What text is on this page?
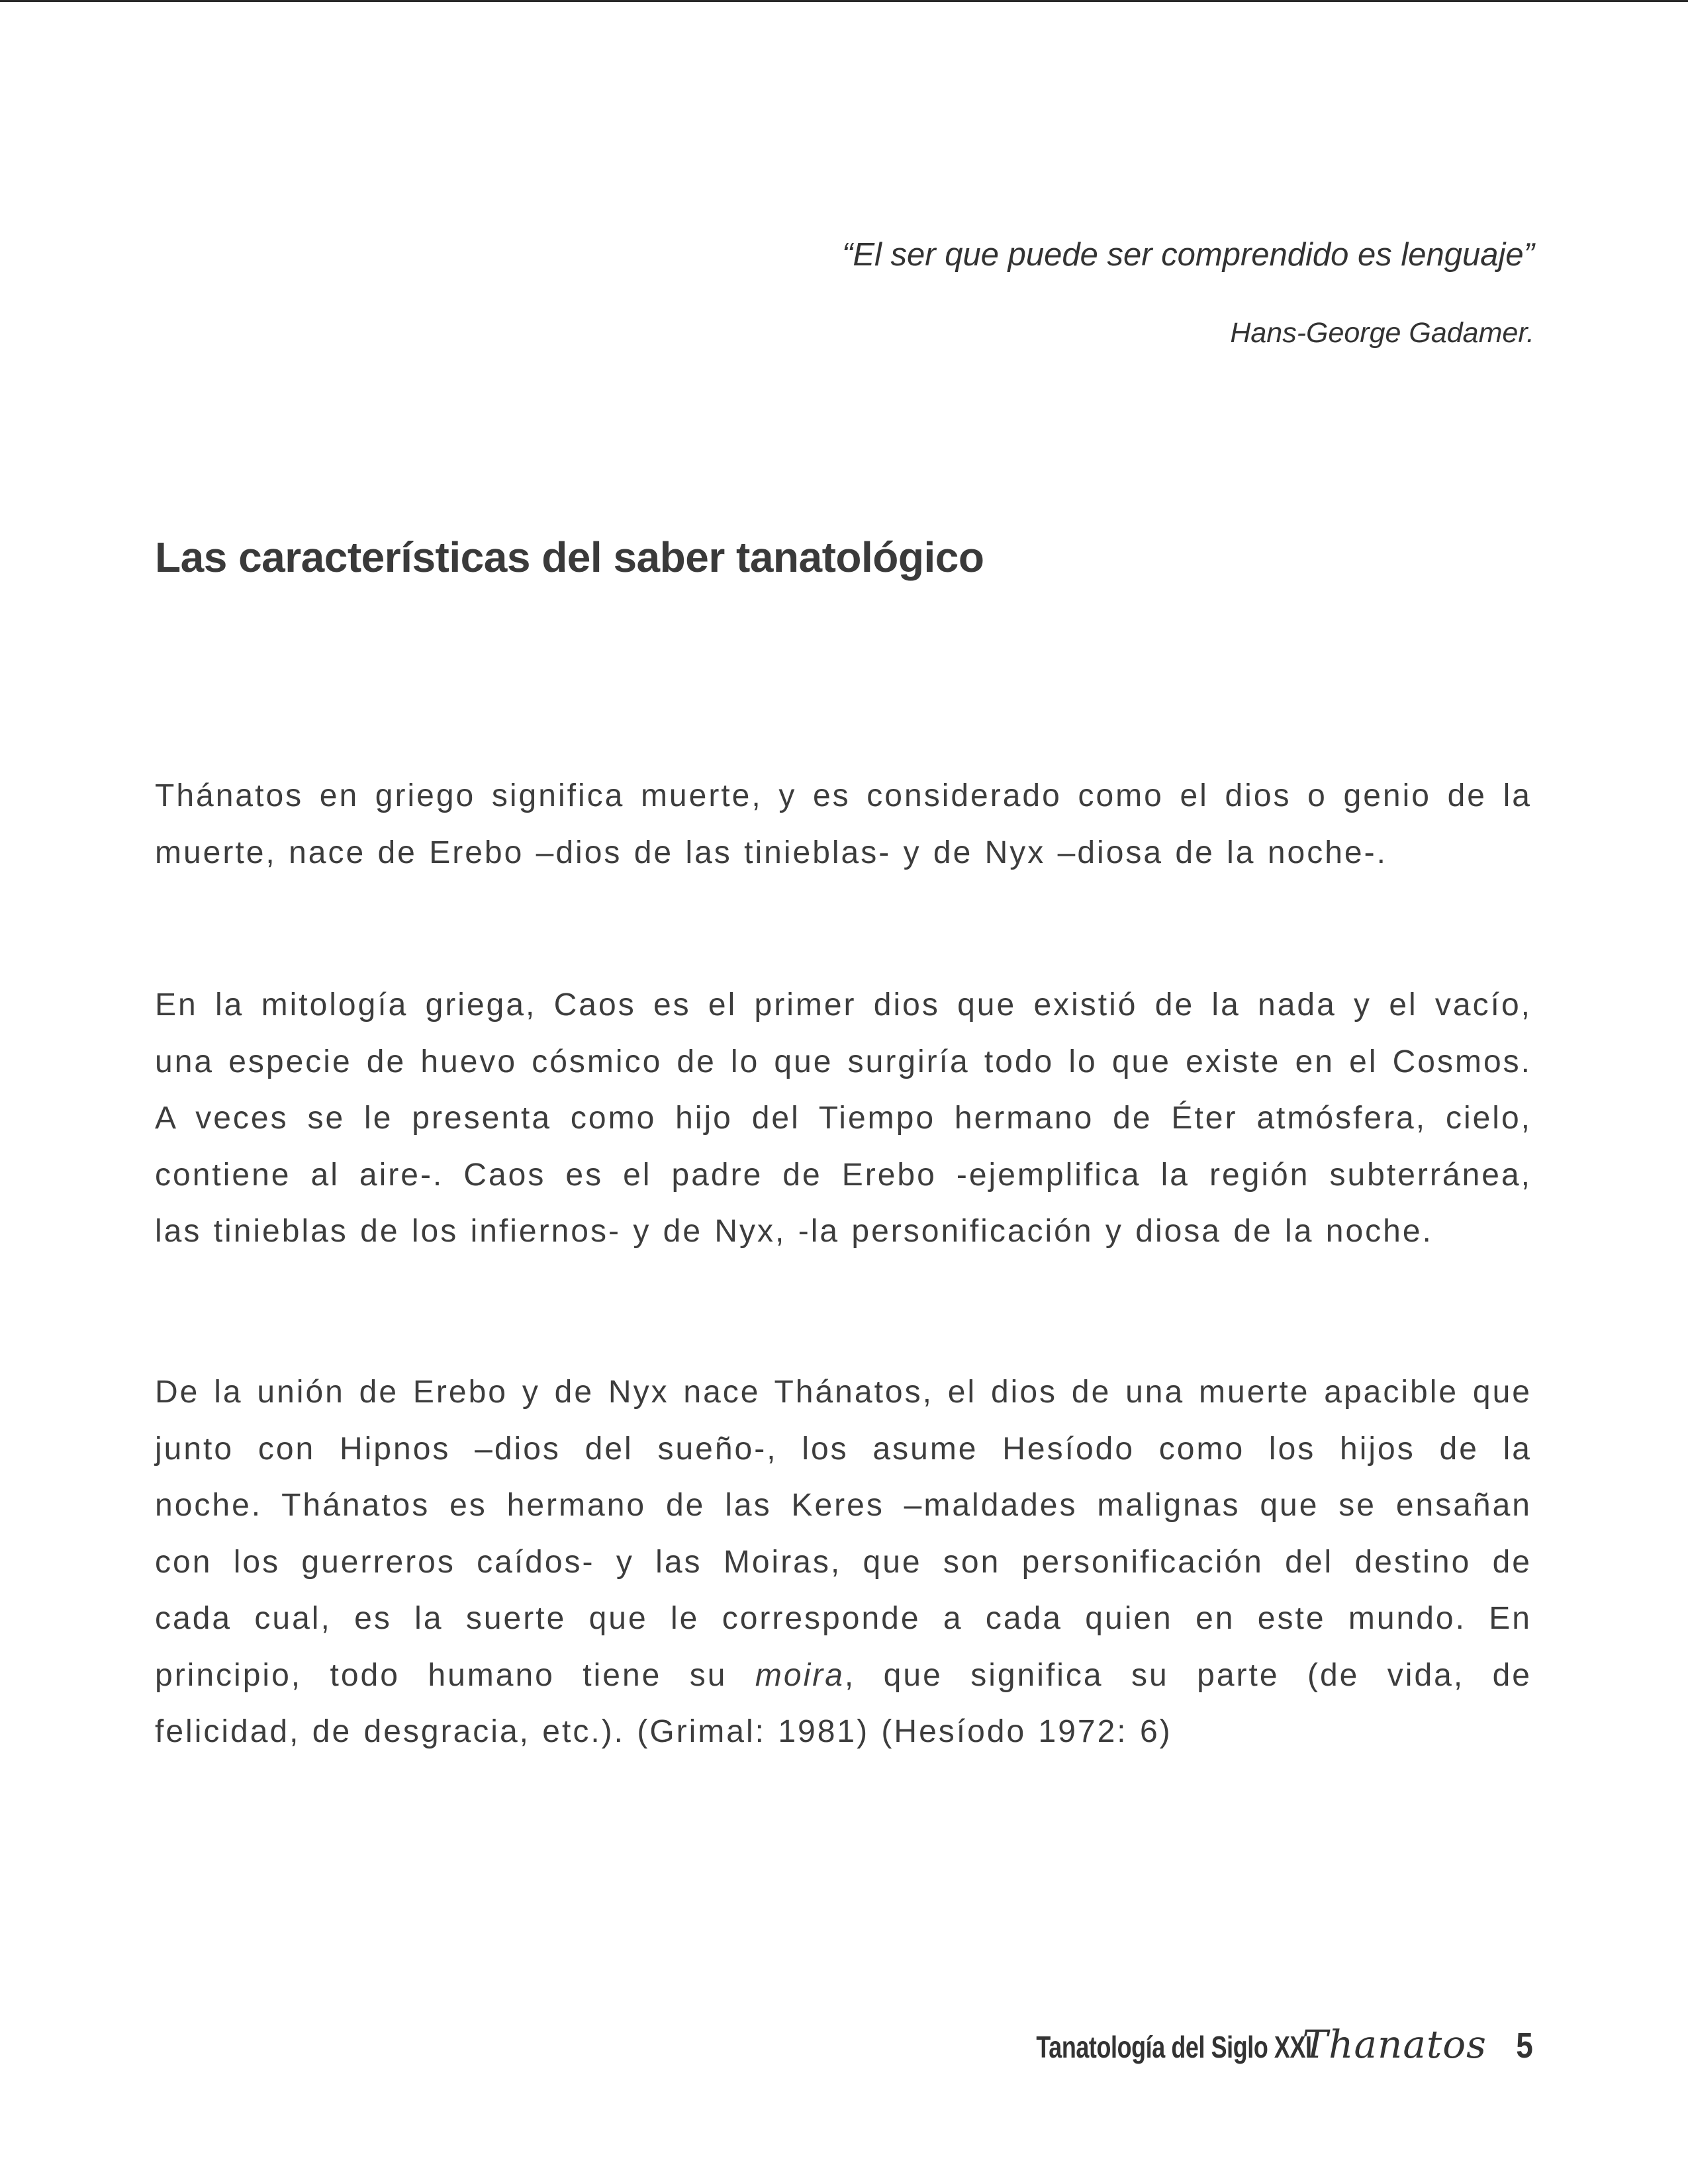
“El ser que puede ser comprendido es lenguaje”
Hans-George Gadamer.
Las características del saber tanatológico
Thánatos en griego significa muerte, y es considerado como el dios o genio de la
muerte, nace de Erebo –dios de las tinieblas- y de Nyx –diosa de la noche-.
En la mitología griega, Caos es el primer dios que existió de la nada y el vacío,
una especie de huevo cósmico de lo que surgiría todo lo que existe en el Cosmos.
A veces se le presenta como hijo del Tiempo hermano de Éter atmósfera, cielo,
contiene al aire-. Caos es el padre de Erebo -ejemplifica la región subterránea,
las tinieblas de los infiernos- y de Nyx, -la personificación y diosa de la noche.
De la unión de Erebo y de Nyx nace Thánatos, el dios de una muerte apacible que
junto con Hipnos –dios del sueño-, los asume Hesíodo como los hijos de la
noche. Thánatos es hermano de las Keres –maldades malignas que se ensañan
con los guerreros caídos- y las Moiras, que son personificación del destino de
cada cual, es la suerte que le corresponde a cada quien en este mundo. En
principio, todo humano tiene su moira, que significa su parte (de vida, de
felicidad, de desgracia, etc.). (Grimal: 1981) (Hesíodo 1972: 6)
Tanatología del Siglo XXI
Thanatos 5
